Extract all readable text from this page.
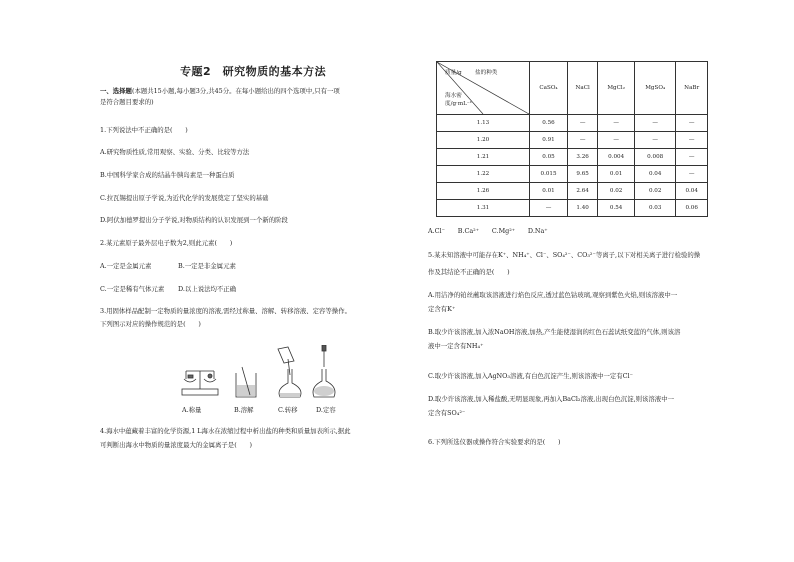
专题2　研究物质的基本方法
一、选择题(本题共15小题,每小题3分,共45分。在每小题给出的四个选项中,只有一项
是符合题目要求的)
1.下列说法中不正确的是(　　)
A.研究物质性质,常用观察、实验、分类、比较等方法
B.中国科学家合成的结晶牛胰岛素是一种蛋白质
C.拉瓦锡提出原子学说,为近代化学的发展奠定了坚实的基础
D.阿伏加德罗提出分子学说,对物质结构的认识发展到一个新的阶段
2.某元素原子最外层电子数为2,则此元素(　　)
A.一定是金属元素	B.一定是非金属元素
C.一定是稀有气体元素 D.以上说法均不正确
3.用固体样品配制一定物质的量浓度的溶液,需经过称量、溶解、转移溶液、定容等操作。
下列图示对应的操作规范的是(　　)
A.称量	B.溶解	C.转移	D.定容
4.海水中蕴藏着丰富的化学资源,1 L海水在浓缩过程中析出盐的种类和质量加表所示,据此
可判断出海水中物质的量浓度最大的金属离子是(　　)
质量/g 盐的种类
海水密
度/g·mL⁻¹	CaSO₄	NaCl	MgCl₂	MgSO₄	NaBr
1.13	0.56	—	—	—	—
1.20	0.91	—	—	—	—
1.21	0.05	3.26	0.004	0.008	—
1.22	0.015	9.65	0.01	0.04	—
1.26	0.01	2.64	0.02	0.02	0.04
1.31	—	1.40	0.54	0.03	0.06
A.Cl⁻　　B.Ca²⁺　　C.Mg²⁺　　D.Na⁺
5.某未知溶液中可能存在K⁺、NH₄⁺、Cl⁻、SO₄²⁻、CO₃²⁻等离子,以下对相关离子进行检验的操
作及其结论不正确的是(　　)
A.用洁净的铂丝蘸取该溶液进行焰色反应,透过蓝色钴玻璃,观察到紫色火焰,则该溶液中一
定含有K⁺
B.取少许该溶液,加入浓NaOH溶液,加热,产生能使湿润的红色石蕊试纸变蓝的气体,则该溶
液中一定含有NH₄⁺
C.取少许该溶液,加入AgNO₃溶液,有白色沉淀产生,则该溶液中一定有Cl⁻
D.取少许该溶液,加入稀盐酸,无明显现象,再加入BaCl₂溶液,出现白色沉淀,则该溶液中一
定含有SO₄²⁻
6.下列所选仪器或操作符合实验要求的是(　　)
